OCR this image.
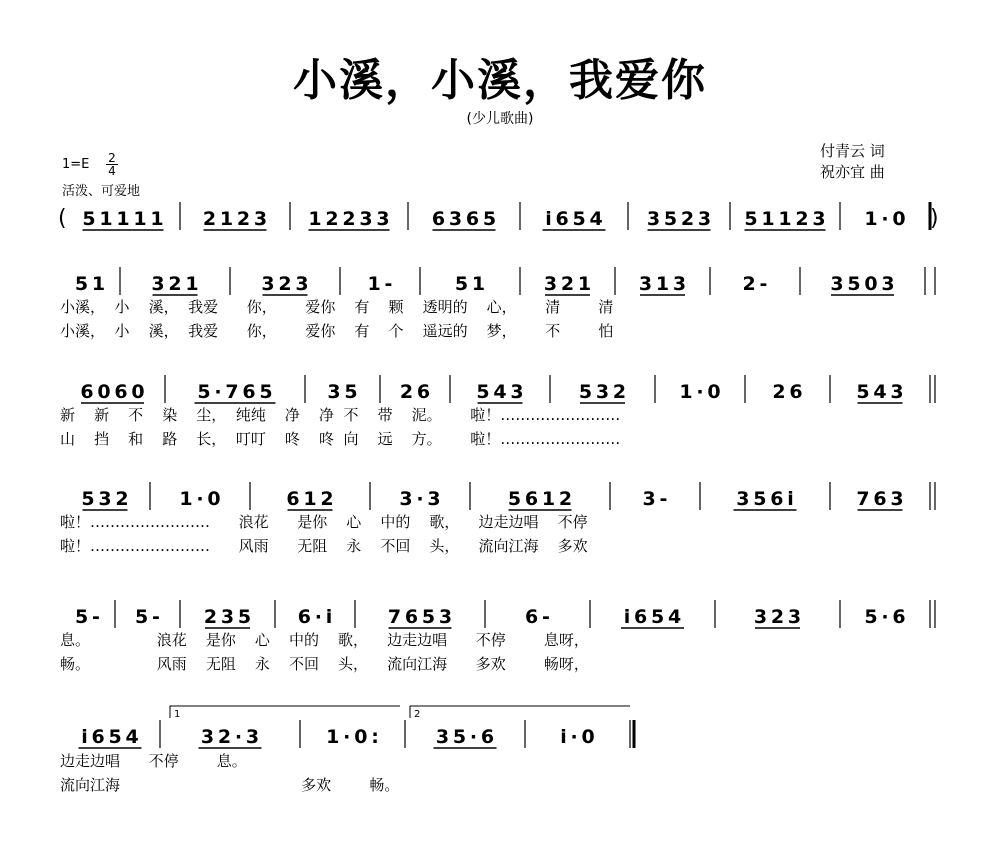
小溪，小溪，我爱你
(少儿歌曲)
付青云 词
祝亦宜 曲
$1=E \frac{2}{4}$
活泼、可爱地
(	)
5 1 1 1 1 2 1 2 3 1 2 2 3 3 6 3 6 5	i 6 5 4 3 5 2 3 5 1 1 2 3 1 · 0
5 1 3 2 1	3 2 3	1 -	5 1	3 2 1	3 1 3	2 -	3 5 0 3
6 0 6 0	5 · 7 6 5	3 5 2 6 5 4 3	5 3 2	1 · 0	2 6	5 4 3
5 3 2	1 · 0	6 1 2	3 · 3	5 6 1 2	3 -	3 5 6 i	7 6 3
5 - 5 - 2 3 5 6 · i	7 6 5 3	6 -	i 6 5 4	3 2 3	5 · 6
i 6 5 4	3 2 · 3	1 · 0 :	3 5 · 6	i · 0
1	2
小溪，  小    溪，  我爱      你，      爱你    有    颗    透明的    心，      清        清
小溪，  小    溪，  我爱      你，      爱你    有    个    遥远的    梦，      不        怕
新    新    不    染    尘，  纯纯    净    净  不    带    泥。      啦！……………………
山    挡    和    路    长，  叮叮    咚    咚  向    远    方。      啦！……………………
啦！……………………      浪花      是你    心    中的    歌，    边走边唱    不停
啦！……………………      风雨      无阻    永    不回    头，    流向江海    多欢
息。              浪花    是你    心    中的    歌，    边走边唱      不停        息呀，
畅。              风雨    无阻    永    不回    头，    流向江海      多欢        畅呀，
边走边唱      不停        息。
流向江海                                      多欢        畅。
